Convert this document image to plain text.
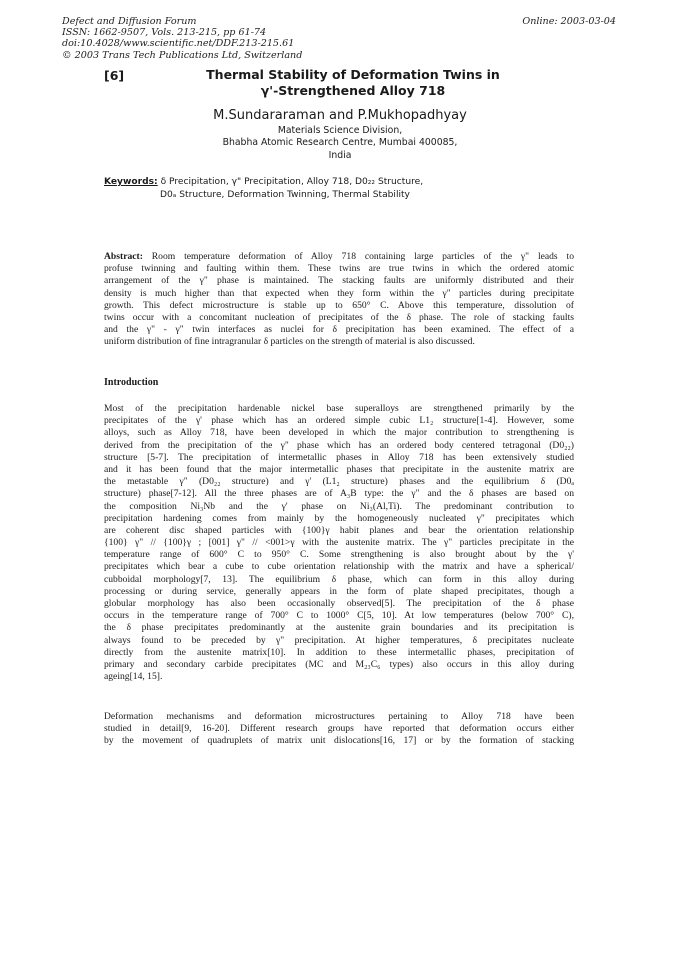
Defect and Diffusion Forum
ISSN: 1662-9507, Vols. 213-215, pp 61-74
doi:10.4028/www.scientific.net/DDF.213-215.61
© 2003 Trans Tech Publications Ltd, Switzerland
Online: 2003-03-04
[6]	Thermal Stability of Deformation Twins in
γ'-Strengthened Alloy 718
M.Sundararaman and P.Mukhopadhyay
Materials Science Division,
Bhabha Atomic Research Centre, Mumbai 400085,
India
Keywords: δ Precipitation, γ" Precipitation, Alloy 718, D0₂₂ Structure,
D0ₐ Structure, Deformation Twinning, Thermal Stability
Abstract: Room temperature deformation of Alloy 718 containing large particles of the γ" leads to
profuse twinning and faulting within them. These twins are true twins in which the ordered atomic
arrangement of the γ" phase is maintained. The stacking faults are uniformly distributed and their
density is much higher than that expected when they form within the γ" particles during precipitate
growth. This defect microstructure is stable up to 650° C. Above this temperature, dissolution of
twins occur with a concomitant nucleation of precipitates of the δ phase. The role of stacking faults
and the γ" - γ" twin interfaces as nuclei for δ precipitation has been examined. The effect of a
uniform distribution of fine intragranular δ particles on the strength of material is also discussed.
Introduction
Most of the precipitation hardenable nickel base superalloys are strengthened primarily by the
precipitates of the γ' phase which has an ordered simple cubic L1₂ structure[1-4]. However, some
alloys, such as Alloy 718, have been developed in which the major contribution to strengthening is
derived from the precipitation of the γ" phase which has an ordered body centered tetragonal (D0₂₂)
structure [5-7]. The precipitation of intermetallic phases in Alloy 718 has been extensively studied
and it has been found that the major intermetallic phases that precipitate in the austenite matrix are
the metastable γ" (D0₂₂ structure) and γ' (L1₂ structure) phases and the equilibrium δ (D0ₐ
structure) phase[7-12]. All the three phases are of A₃B type: the γ" and the δ phases are based on
the composition Ni₃Nb and the γ' phase on Ni₃(Al,Ti). The predominant contribution to
precipitation hardening comes from mainly by the homogeneously nucleated γ" precipitates which
are coherent disc shaped particles with {100}γ habit planes and bear the orientation relationship
{100} γ" // {100}γ ; [001] γ" // <001>γ with the austenite matrix. The γ" particles precipitate in the
temperature range of 600° C to 950° C. Some strengthening is also brought about by the γ'
precipitates which bear a cube to cube orientation relationship with the matrix and have a spherical/
cubboidal morphology[7, 13]. The equilibrium δ phase, which can form in this alloy during
processing or during service, generally appears in the form of plate shaped precipitates, though a
globular morphology has also been occasionally observed[5]. The precipitation of the δ phase
occurs in the temperature range of 700° C to 1000° C[5, 10]. At low temperatures (below 700° C),
the δ phase precipitates predominantly at the austenite grain boundaries and its precipitation is
always found to be preceded by γ" precipitation. At higher temperatures, δ precipitates nucleate
directly from the austenite matrix[10]. In addition to these intermetallic phases, precipitation of
primary and secondary carbide precipitates (MC and M₂₃C₆ types) also occurs in this alloy during
ageing[14, 15].
Deformation mechanisms and deformation microstructures pertaining to Alloy 718 have been
studied in detail[9, 16-20]. Different research groups have reported that deformation occurs either
by the movement of quadruplets of matrix unit dislocations[16, 17] or by the formation of stacking
